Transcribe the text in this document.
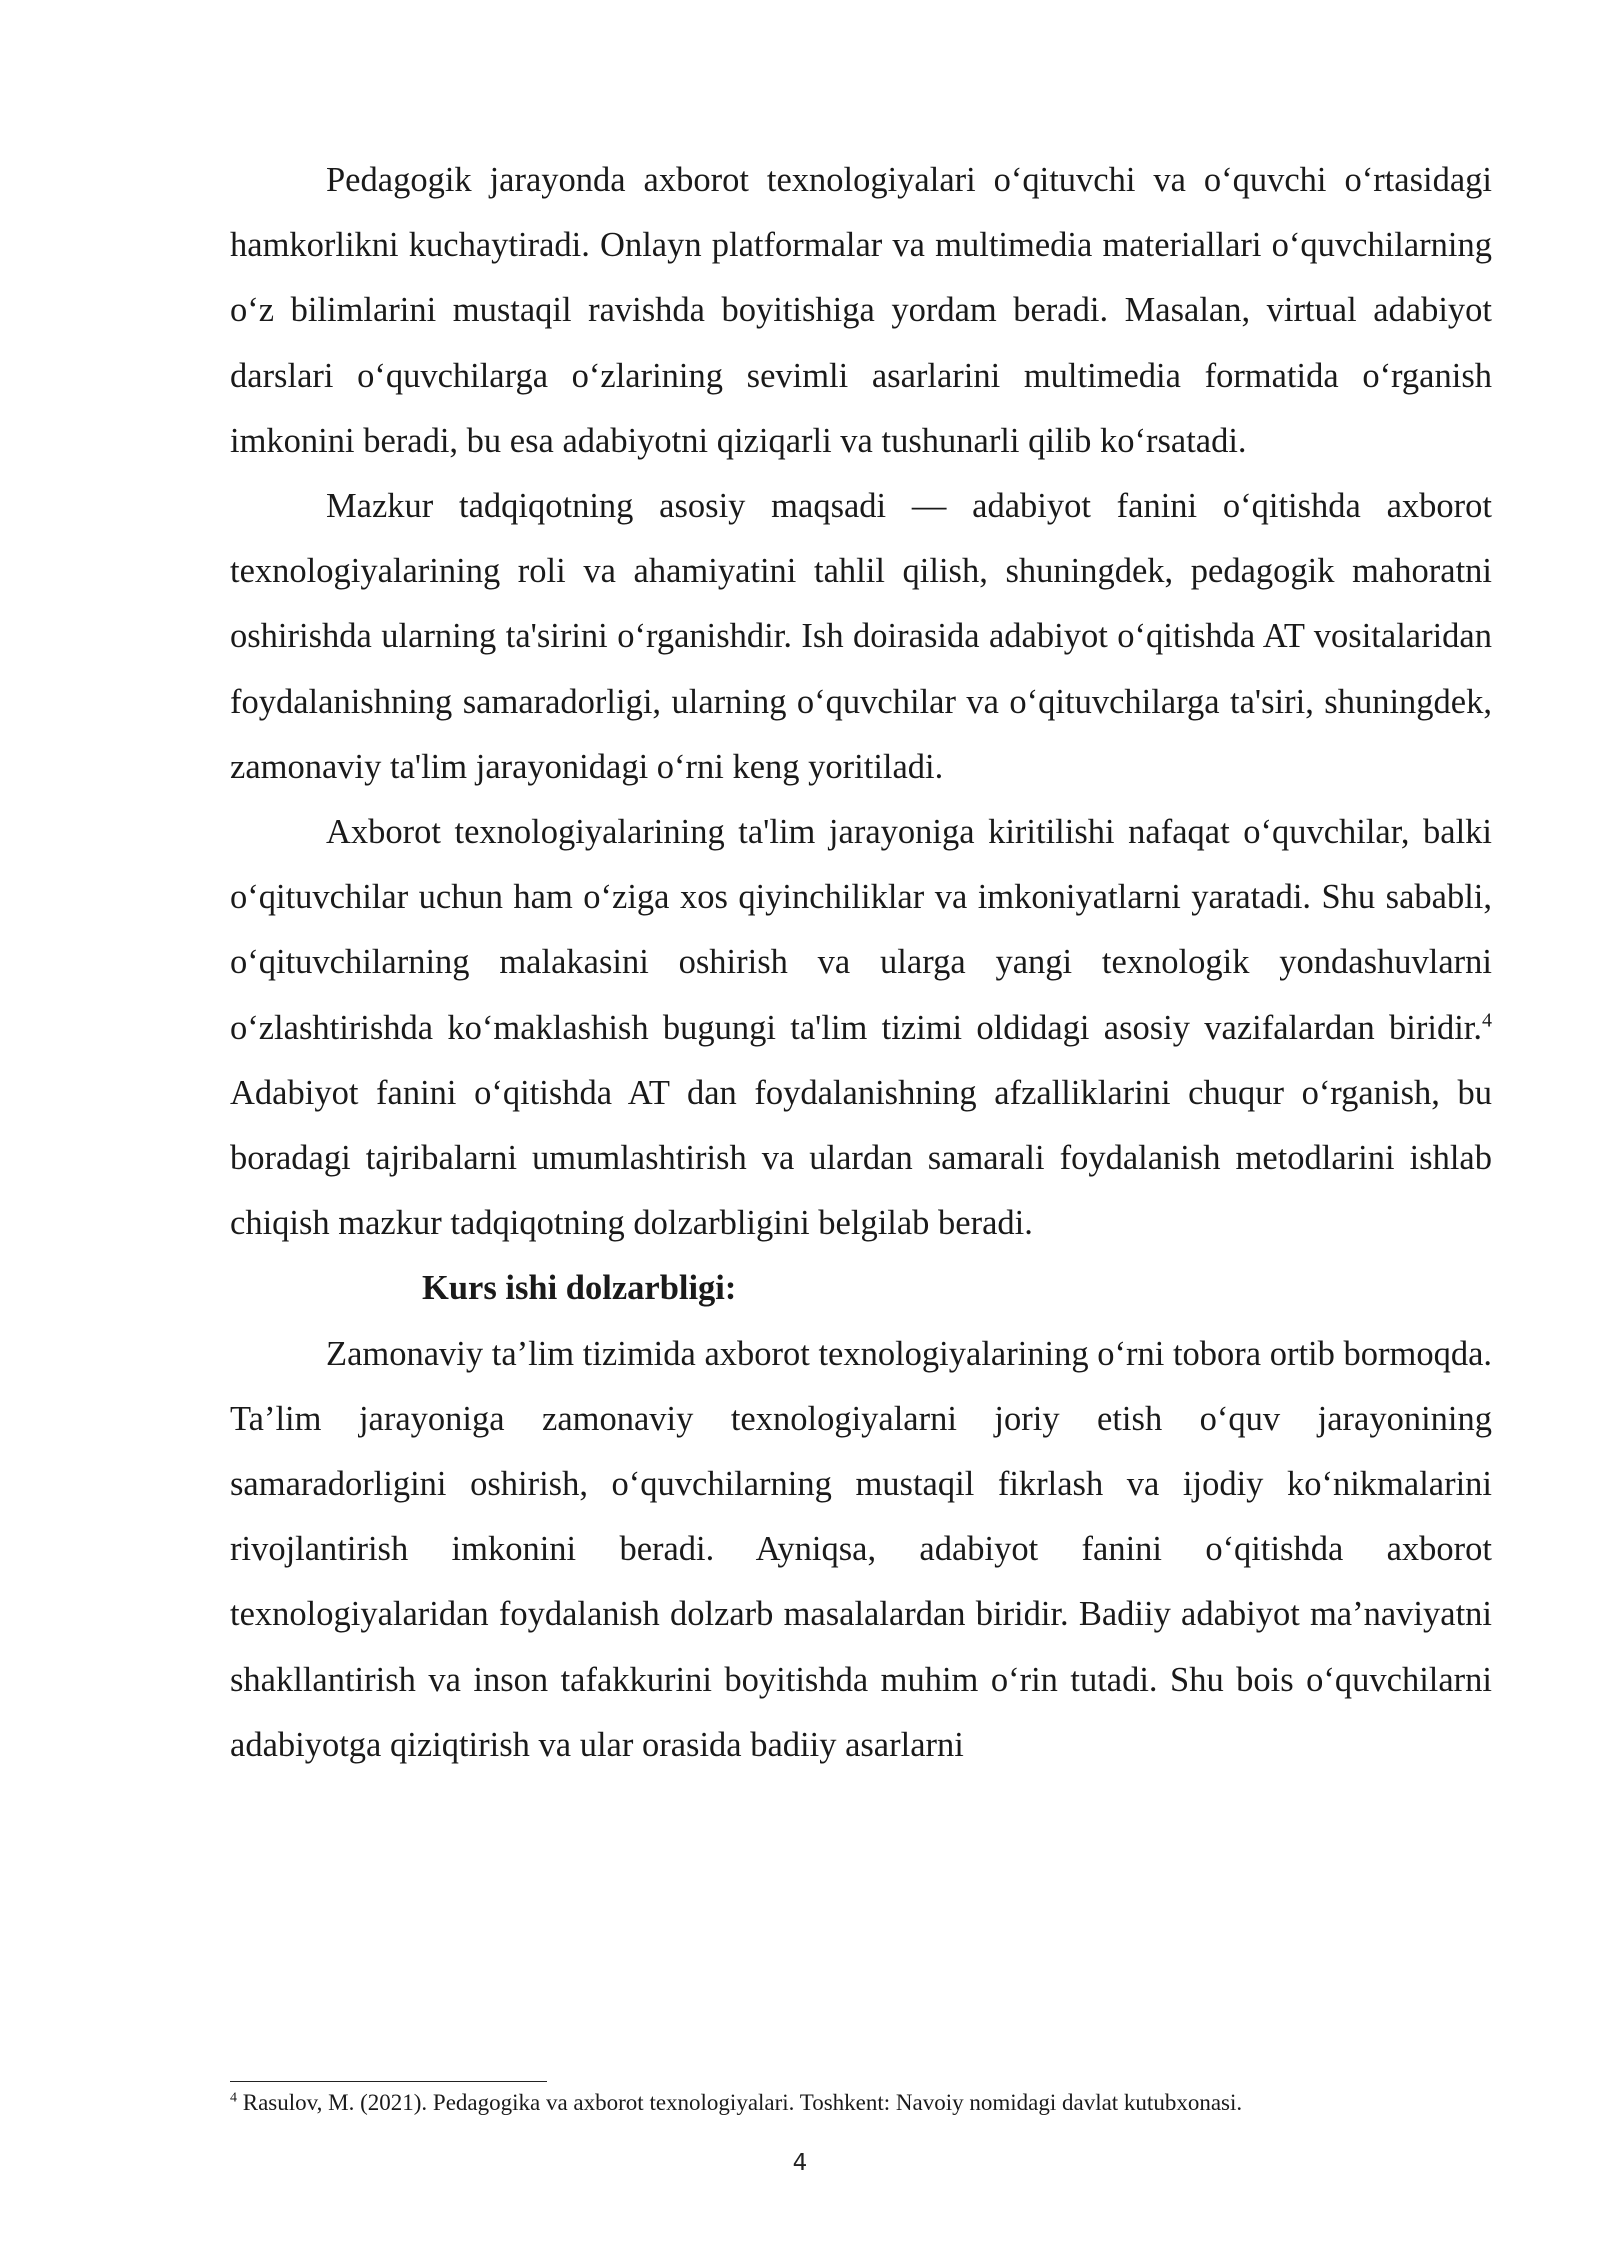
Pedagogik jarayonda axborot texnologiyalari o‘qituvchi va o‘quvchi o‘rtasidagi hamkorlikni kuchaytiradi. Onlayn platformalar va multimedia materiallari o‘quvchilarning o‘z bilimlarini mustaqil ravishda boyitishiga yordam beradi. Masalan, virtual adabiyot darslari o‘quvchilarga o‘zlarining sevimli asarlarini multimedia formatida o‘rganish imkonini beradi, bu esa adabiyotni qiziqarli va tushunarli qilib ko‘rsatadi.

Mazkur tadqiqotning asosiy maqsadi — adabiyot fanini o‘qitishda axborot texnologiyalarining roli va ahamiyatini tahlil qilish, shuningdek, pedagogik mahoratni oshirishda ularning ta'sirini o‘rganishdir. Ish doirasida adabiyot o‘qitishda AT vositalaridan foydalanishning samaradorligi, ularning o‘quvchilar va o‘qituvchilarga ta'siri, shuningdek, zamonaviy ta'lim jarayonidagi o‘rni keng yoritiladi.

Axborot texnologiyalarining ta'lim jarayoniga kiritilishi nafaqat o‘quvchilar, balki o‘qituvchilar uchun ham o‘ziga xos qiyinchiliklar va imkoniyatlarni yaratadi. Shu sababli, o‘qituvchilarning malakasini oshirish va ularga yangi texnologik yondashuvlarni o‘zlashtirishda ko‘maklashish bugungi ta'lim tizimi oldidagi asosiy vazifalardan biridir.$^4$ Adabiyot fanini o‘qitishda AT dan foydalanishning afzalliklarini chuqur o‘rganish, bu boradagi tajribalarni umumlashtirish va ulardan samarali foydalanish metodlarini ishlab chiqish mazkur tadqiqotning dolzarbligini belgilab beradi.

Kurs ishi dolzarbligi:

Zamonaviy ta’lim tizimida axborot texnologiyalarining o‘rni tobora ortib bormoqda. Ta’lim jarayoniga zamonaviy texnologiyalarni joriy etish o‘quv jarayonining samaradorligini oshirish, o‘quvchilarning mustaqil fikrlash va ijodiy ko‘nikmalarini rivojlantirish imkonini beradi. Ayniqsa, adabiyot fanini o‘qitishda axborot texnologiyalaridan foydalanish dolzarb masalalardan biridir. Badiiy adabiyot ma’naviyatni shakllantirish va inson tafakkurini boyitishda muhim o‘rin tutadi. Shu bois o‘quvchilarni adabiyotga qiziqtirish va ular orasida badiiy asarlarni

$^4$ Rasulov, M. (2021). Pedagogika va axborot texnologiyalari. Toshkent: Navoiy nomidagi davlat kutubxonasi.
4
